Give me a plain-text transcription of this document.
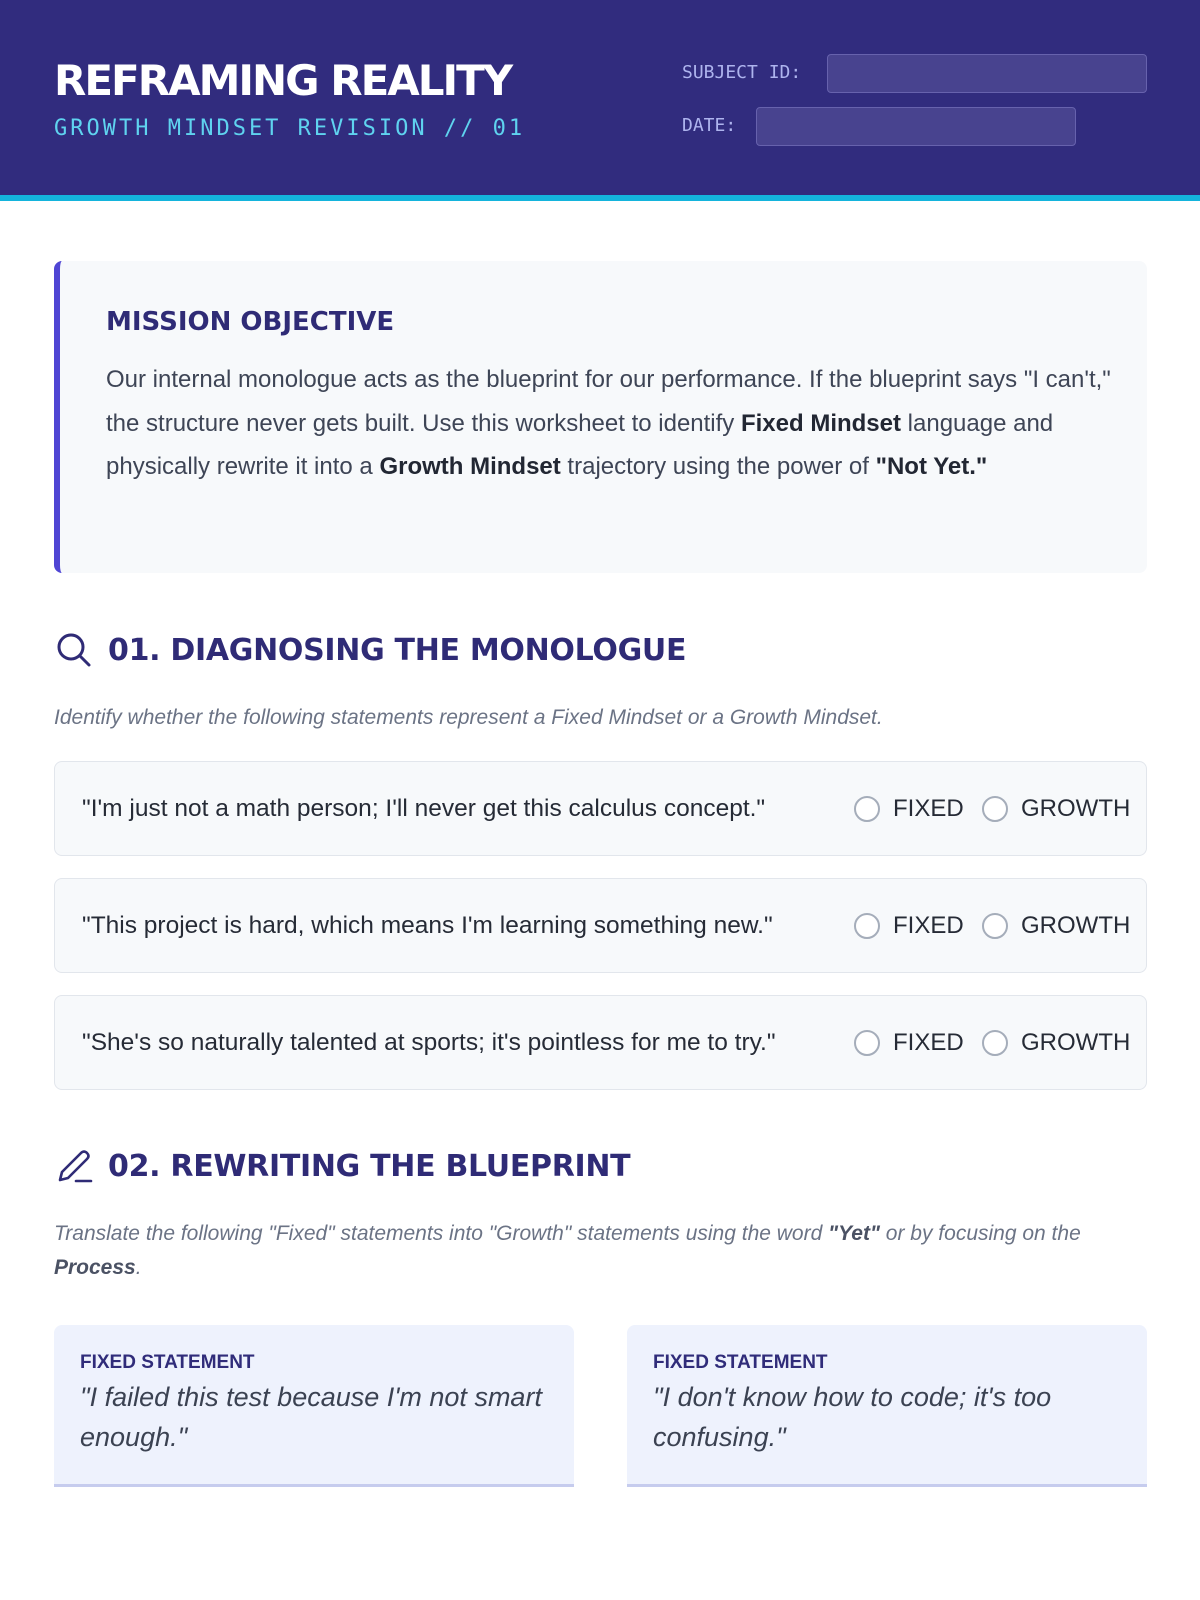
REFRAMING REALITY
GROWTH MINDSET REVISION // 01
SUBJECT ID:
DATE:
MISSION OBJECTIVE

Our internal monologue acts as the blueprint for our performance. If the blueprint says "I can't," the structure never gets built. Use this worksheet to identify Fixed Mindset language and physically rewrite it into a Growth Mindset trajectory using the power of "Not Yet."

01. DIAGNOSING THE MONOLOGUE

Identify whether the following statements represent a Fixed Mindset or a Growth Mindset.

"I'm just not a math person; I'll never get this calculus concept."	FIXED GROWTH
"This project is hard, which means I'm learning something new."	FIXED GROWTH
"She's so naturally talented at sports; it's pointless for me to try."	FIXED GROWTH
02. REWRITING THE BLUEPRINT

Translate the following "Fixed" statements into "Growth" statements using the word "Yet" or by focusing on the Process.

FIXED STATEMENT
"I failed this test because I'm not smart enough."
FIXED STATEMENT
"I don't know how to code; it's too confusing."
